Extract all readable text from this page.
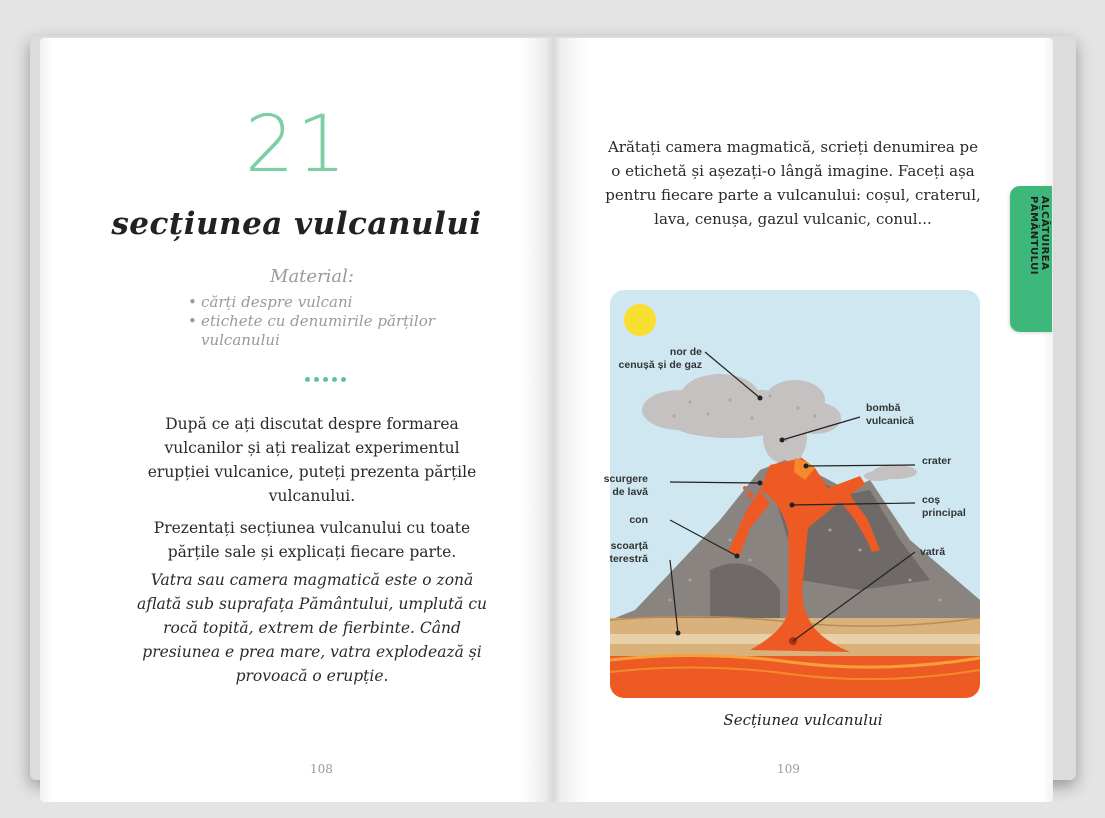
21
secțiunea vulcanului
Material:
• cărți despre vulcani
• etichete cu denumirile părților vulcanului
După ce ați discutat despre formarea vulcanilor și ați realizat experimentul erupției vulcanice, puteți prezenta părțile vulcanului.
Prezentați secțiunea vulcanului cu toate părțile sale și explicați fiecare parte.
Vatra sau camera magmatică este o zonă aflată sub suprafața Pământului, umplută cu rocă topită, extrem de fierbinte. Când presiunea e prea mare, vatra explodează și provoacă o erupție.
108
Arătați camera magmatică, scrieți denumirea pe o etichetă și așezați-o lângă imagine. Faceți așa pentru fiecare parte a vulcanului: coșul, craterul, lava, cenușa, gazul vulcanic, conul...
109
ALCĂTUIREA PĂMÂNTULUI
nor de
cenușă și de gaz
bombă
vulcanică
crater
scurgere
de lavă
coș
principal
con
scoarță
terestră
vatră
Secțiunea vulcanului
